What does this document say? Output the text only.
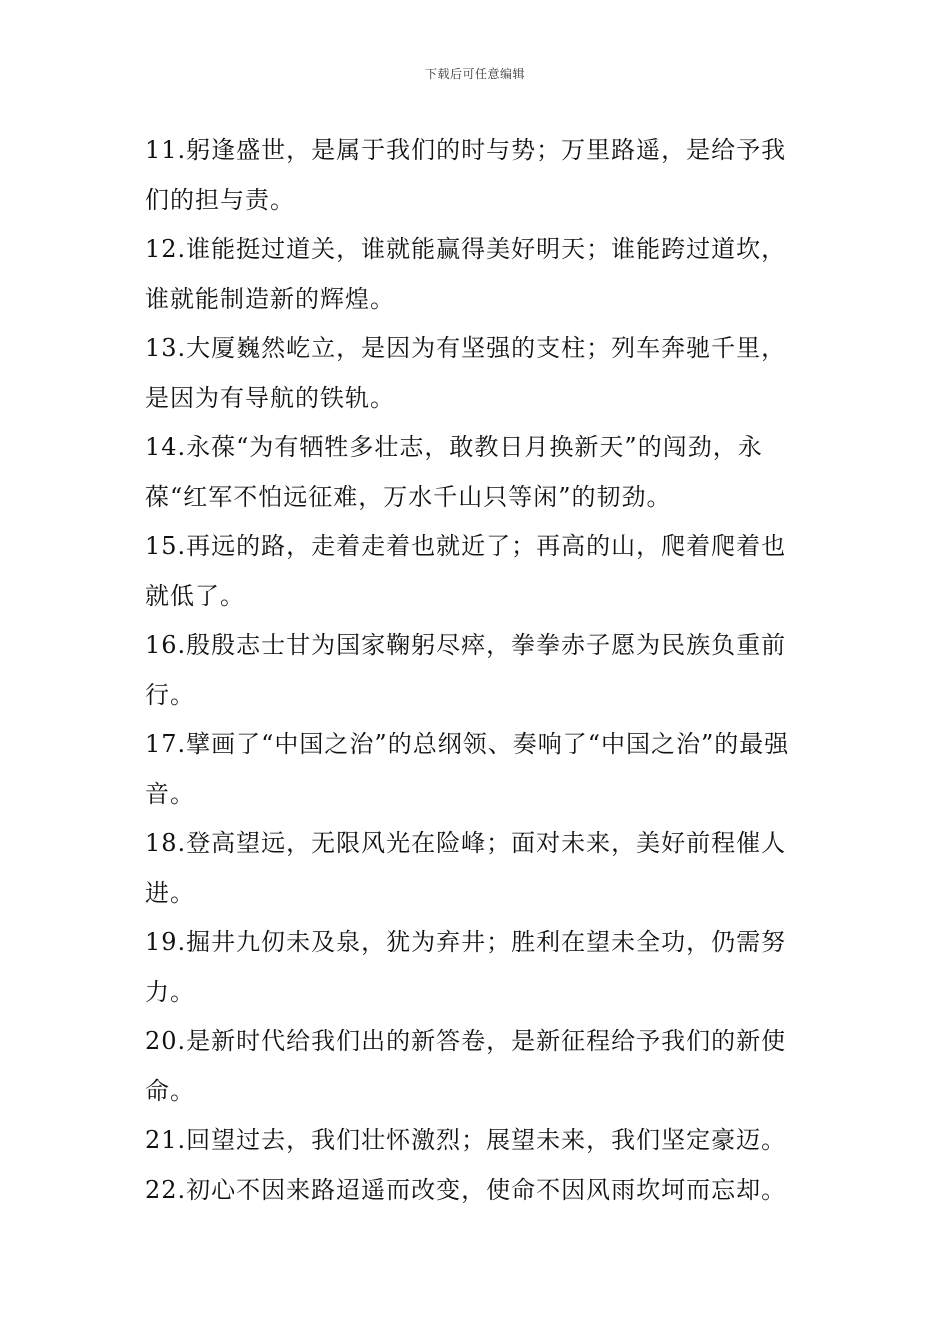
下载后可任意编辑

11.躬逢盛世，是属于我们的时与势；万里路遥，是给予我们的担与责。

12.谁能挺过道关，谁就能赢得美好明天；谁能跨过道坎，谁就能制造新的辉煌。

13.大厦巍然屹立，是因为有坚强的支柱；列车奔驰千里，是因为有导航的铁轨。

14.永葆“为有牺牲多壮志，敢教日月换新天”的闯劲，永葆“红军不怕远征难，万水千山只等闲”的韧劲。

15.再远的路，走着走着也就近了；再高的山，爬着爬着也就低了。

16.殷殷志士甘为国家鞠躬尽瘁，拳拳赤子愿为民族负重前行。

17.擘画了“中国之治”的总纲领、奏响了“中国之治”的最强音。

18.登高望远，无限风光在险峰；面对未来，美好前程催人进。

19.掘井九仞未及泉，犹为弃井；胜利在望未全功，仍需努力。

20.是新时代给我们出的新答卷，是新征程给予我们的新使命。

21.回望过去，我们壮怀激烈；展望未来，我们坚定豪迈。

22.初心不因来路迢遥而改变，使命不因风雨坎坷而忘却。
